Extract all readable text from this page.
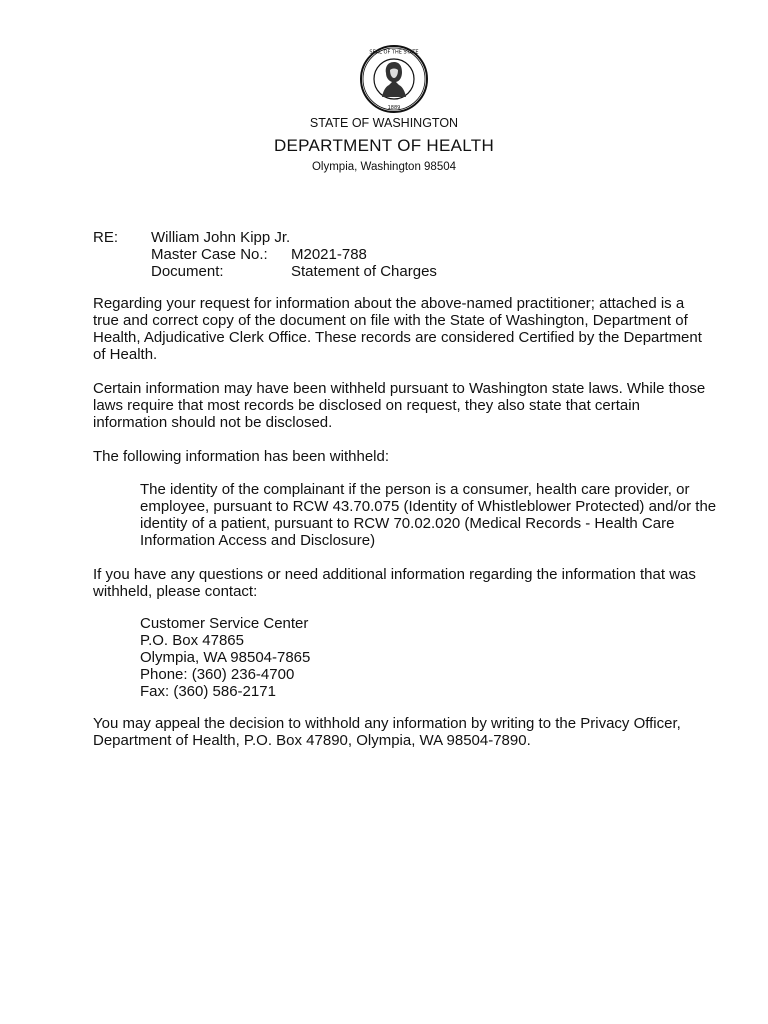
SEAL OF THE STATE
1889
STATE OF WASHINGTON
DEPARTMENT OF HEALTH
Olympia, Washington 98504
RE:	William John Kipp Jr.
Master Case No.: M2021-788
Document:	Statement of Charges

Regarding your request for information about the above-named practitioner; attached is a true and correct copy of the document on file with the State of Washington, Department of Health, Adjudicative Clerk Office. These records are considered Certified by the Department of Health.

Certain information may have been withheld pursuant to Washington state laws. While those laws require that most records be disclosed on request, they also state that certain information should not be disclosed.

The following information has been withheld:

The identity of the complainant if the person is a consumer, health care provider, or employee, pursuant to RCW 43.70.075 (Identity of Whistleblower Protected) and/or the identity of a patient, pursuant to RCW 70.02.020 (Medical Records - Health Care Information Access and Disclosure)

If you have any questions or need additional information regarding the information that was withheld, please contact:

Customer Service Center
P.O. Box 47865
Olympia, WA 98504-7865
Phone: (360) 236-4700
Fax: (360) 586-2171

You may appeal the decision to withhold any information by writing to the Privacy Officer, Department of Health, P.O. Box 47890, Olympia, WA 98504-7890.
